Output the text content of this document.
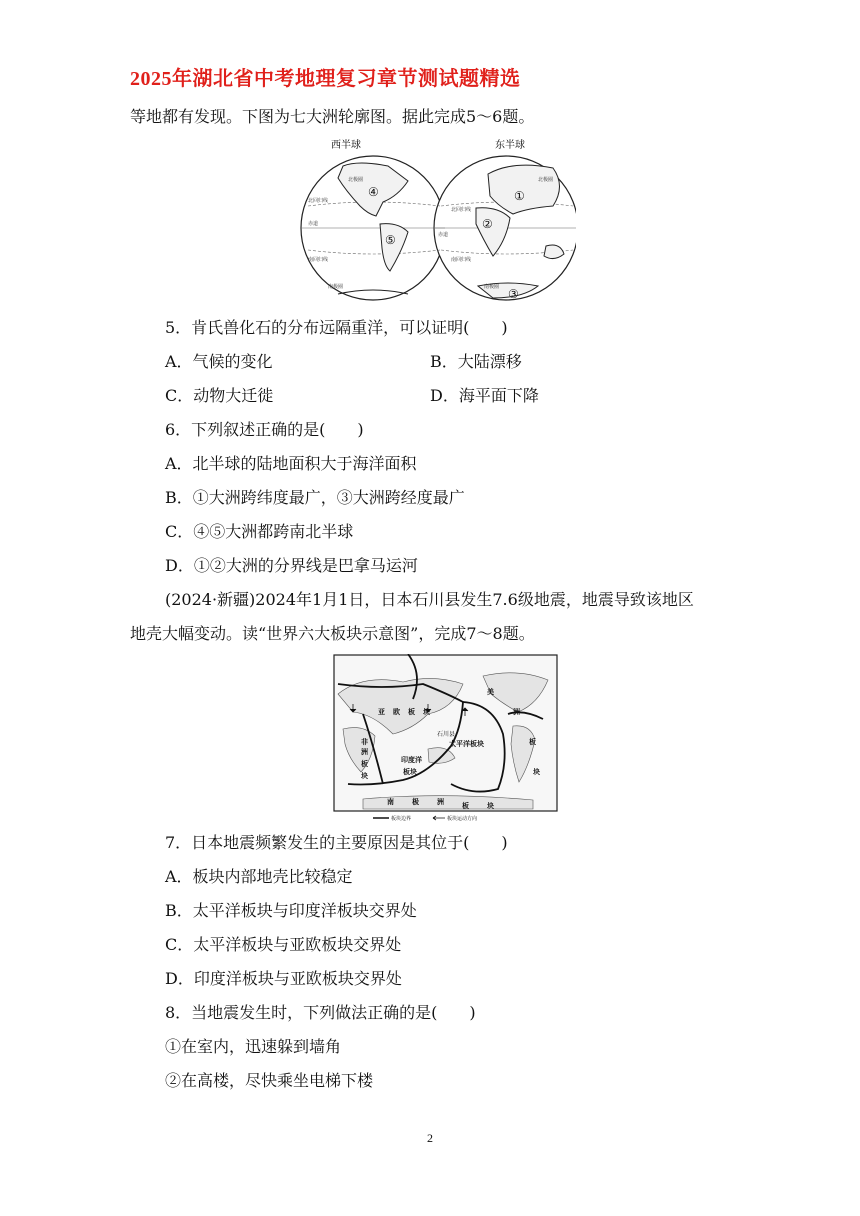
2025年湖北省中考地理复习章节测试题精选
等地都有发现。下图为七大洲轮廓图。据此完成5～6题。
西半球	东半球
北极圈
北回归线
赤道
南回归线
南极圈
北极圈
北回归线
赤道
南回归线
南极圈
④
⑤
①
②
③
5．肯氏兽化石的分布远隔重洋，可以证明(　　)
A．气候的变化	B．大陆漂移
C．动物大迁徙	D．海平面下降
6．下列叙述正确的是(　　)
A．北半球的陆地面积大于海洋面积
B．①大洲跨纬度最广，③大洲跨经度最广
C．④⑤大洲都跨南北半球
D．①②大洲的分界线是巴拿马运河
(2024·新疆)2024年1月1日，日本石川县发生7.6级地震，地震导致该地区
地壳大幅变动。读“世界六大板块示意图”，完成7～8题。
亚 欧 板 块
非
洲
板
块
印度洋
板块
太平洋板块
美
洲
板
块
南	极	洲	板	块
石川县
板块边界	板块运动方向
7．日本地震频繁发生的主要原因是其位于(　　)
A．板块内部地壳比较稳定
B．太平洋板块与印度洋板块交界处
C．太平洋板块与亚欧板块交界处
D．印度洋板块与亚欧板块交界处
8．当地震发生时，下列做法正确的是(　　)
①在室内，迅速躲到墙角
②在高楼，尽快乘坐电梯下楼
2
